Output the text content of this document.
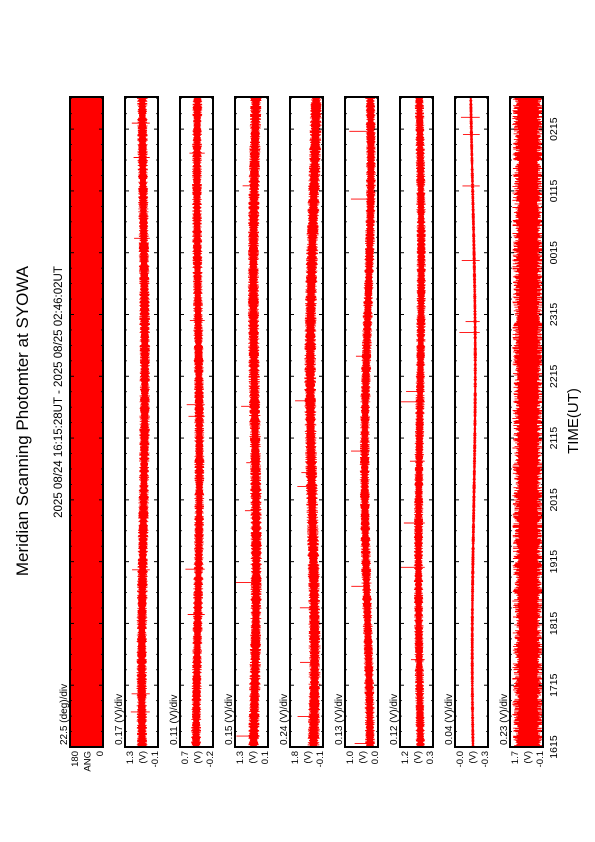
22.5 (deg)/div
180 0
ANG
0.17 (V)/div
1.3 -0.1
(V)
0.11 (V)/div
0.7 -0.2
(V)
0.15 (V)/div
1.3 0.1
(V)
0.24 (V)/div
1.8 -0.1
(V)
0.13 (V)/div
1.0 0.0
(V)
0.12 (V)/div
1.2 0.3
(V)
0.04 (V)/div
-0.0 -0.3
(V)
0.23 (V)/div
1.7 -0.1
(V) 1615
1715
1815
1915
2015
2115
2215
2315
0015
0115
0215
Meridian Scanning Photomter at SYOWA 2025 08/24 16:15:28UT - 2025 08/25 02:46:02UT	TIME(UT)
